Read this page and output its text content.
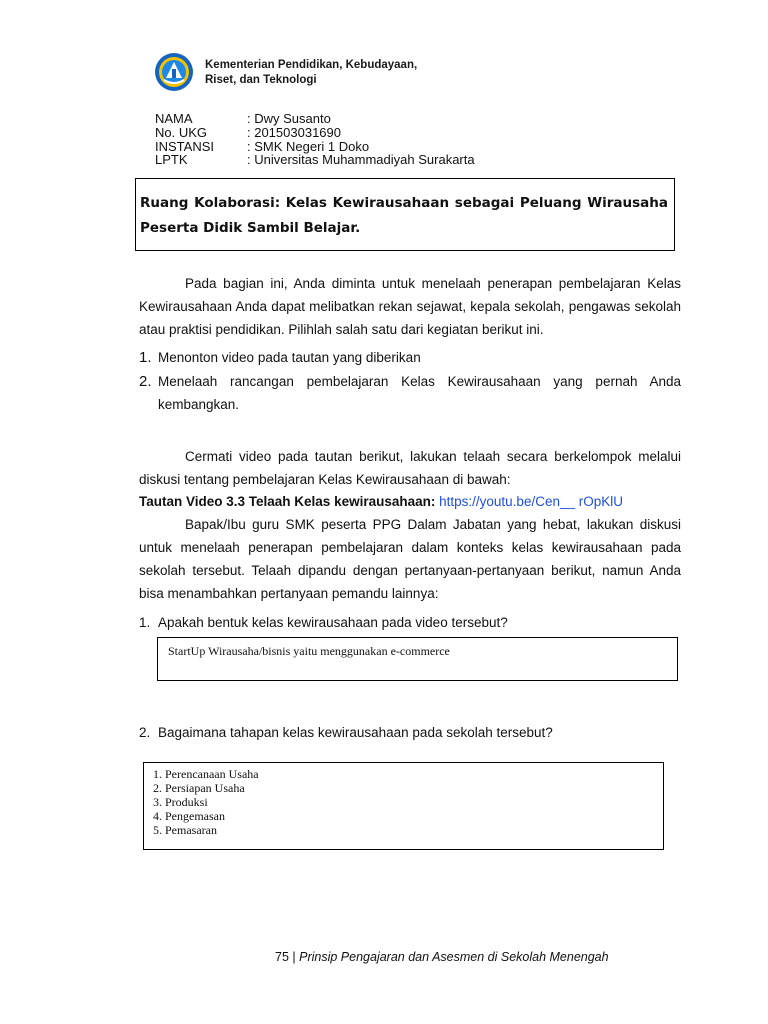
Kementerian Pendidikan, Kebudayaan,
Riset, dan Teknologi
NAMA	: Dwy Susanto
No. UKG	: 201503031690
INSTANSI	: SMK Negeri 1 Doko
LPTK	: Universitas Muhammadiyah Surakarta
Ruang Kolaborasi: Kelas Kewirausahaan sebagai Peluang Wirausaha Peserta Didik Sambil Belajar.
Pada bagian ini, Anda diminta untuk menelaah penerapan pembelajaran Kelas Kewirausahaan Anda dapat melibatkan rekan sejawat, kepala sekolah, pengawas sekolah atau praktisi pendidikan. Pilihlah salah satu dari kegiatan berikut ini.
1. Menonton video pada tautan yang diberikan
2. Menelaah rancangan pembelajaran Kelas Kewirausahaan yang pernah Anda kembangkan.
Cermati video pada tautan berikut, lakukan telaah secara berkelompok melalui diskusi tentang pembelajaran Kelas Kewirausahaan di bawah:
Tautan Video 3.3 Telaah Kelas kewirausahaan: https://youtu.be/Cen__ rOpKlU
Bapak/Ibu guru SMK peserta PPG Dalam Jabatan yang hebat, lakukan diskusi untuk menelaah penerapan pembelajaran dalam konteks kelas kewirausahaan pada sekolah tersebut. Telaah dipandu dengan pertanyaan-pertanyaan berikut, namun Anda bisa menambahkan pertanyaan pemandu lainnya:
1. Apakah bentuk kelas kewirausahaan pada video tersebut?
StartUp Wirausaha/bisnis yaitu menggunakan e-commerce
2. Bagaimana tahapan kelas kewirausahaan pada sekolah tersebut?
1. Perencanaan Usaha
2. Persiapan Usaha
3. Produksi
4. Pengemasan
5. Pemasaran
75 | Prinsip Pengajaran dan Asesmen di Sekolah Menengah
